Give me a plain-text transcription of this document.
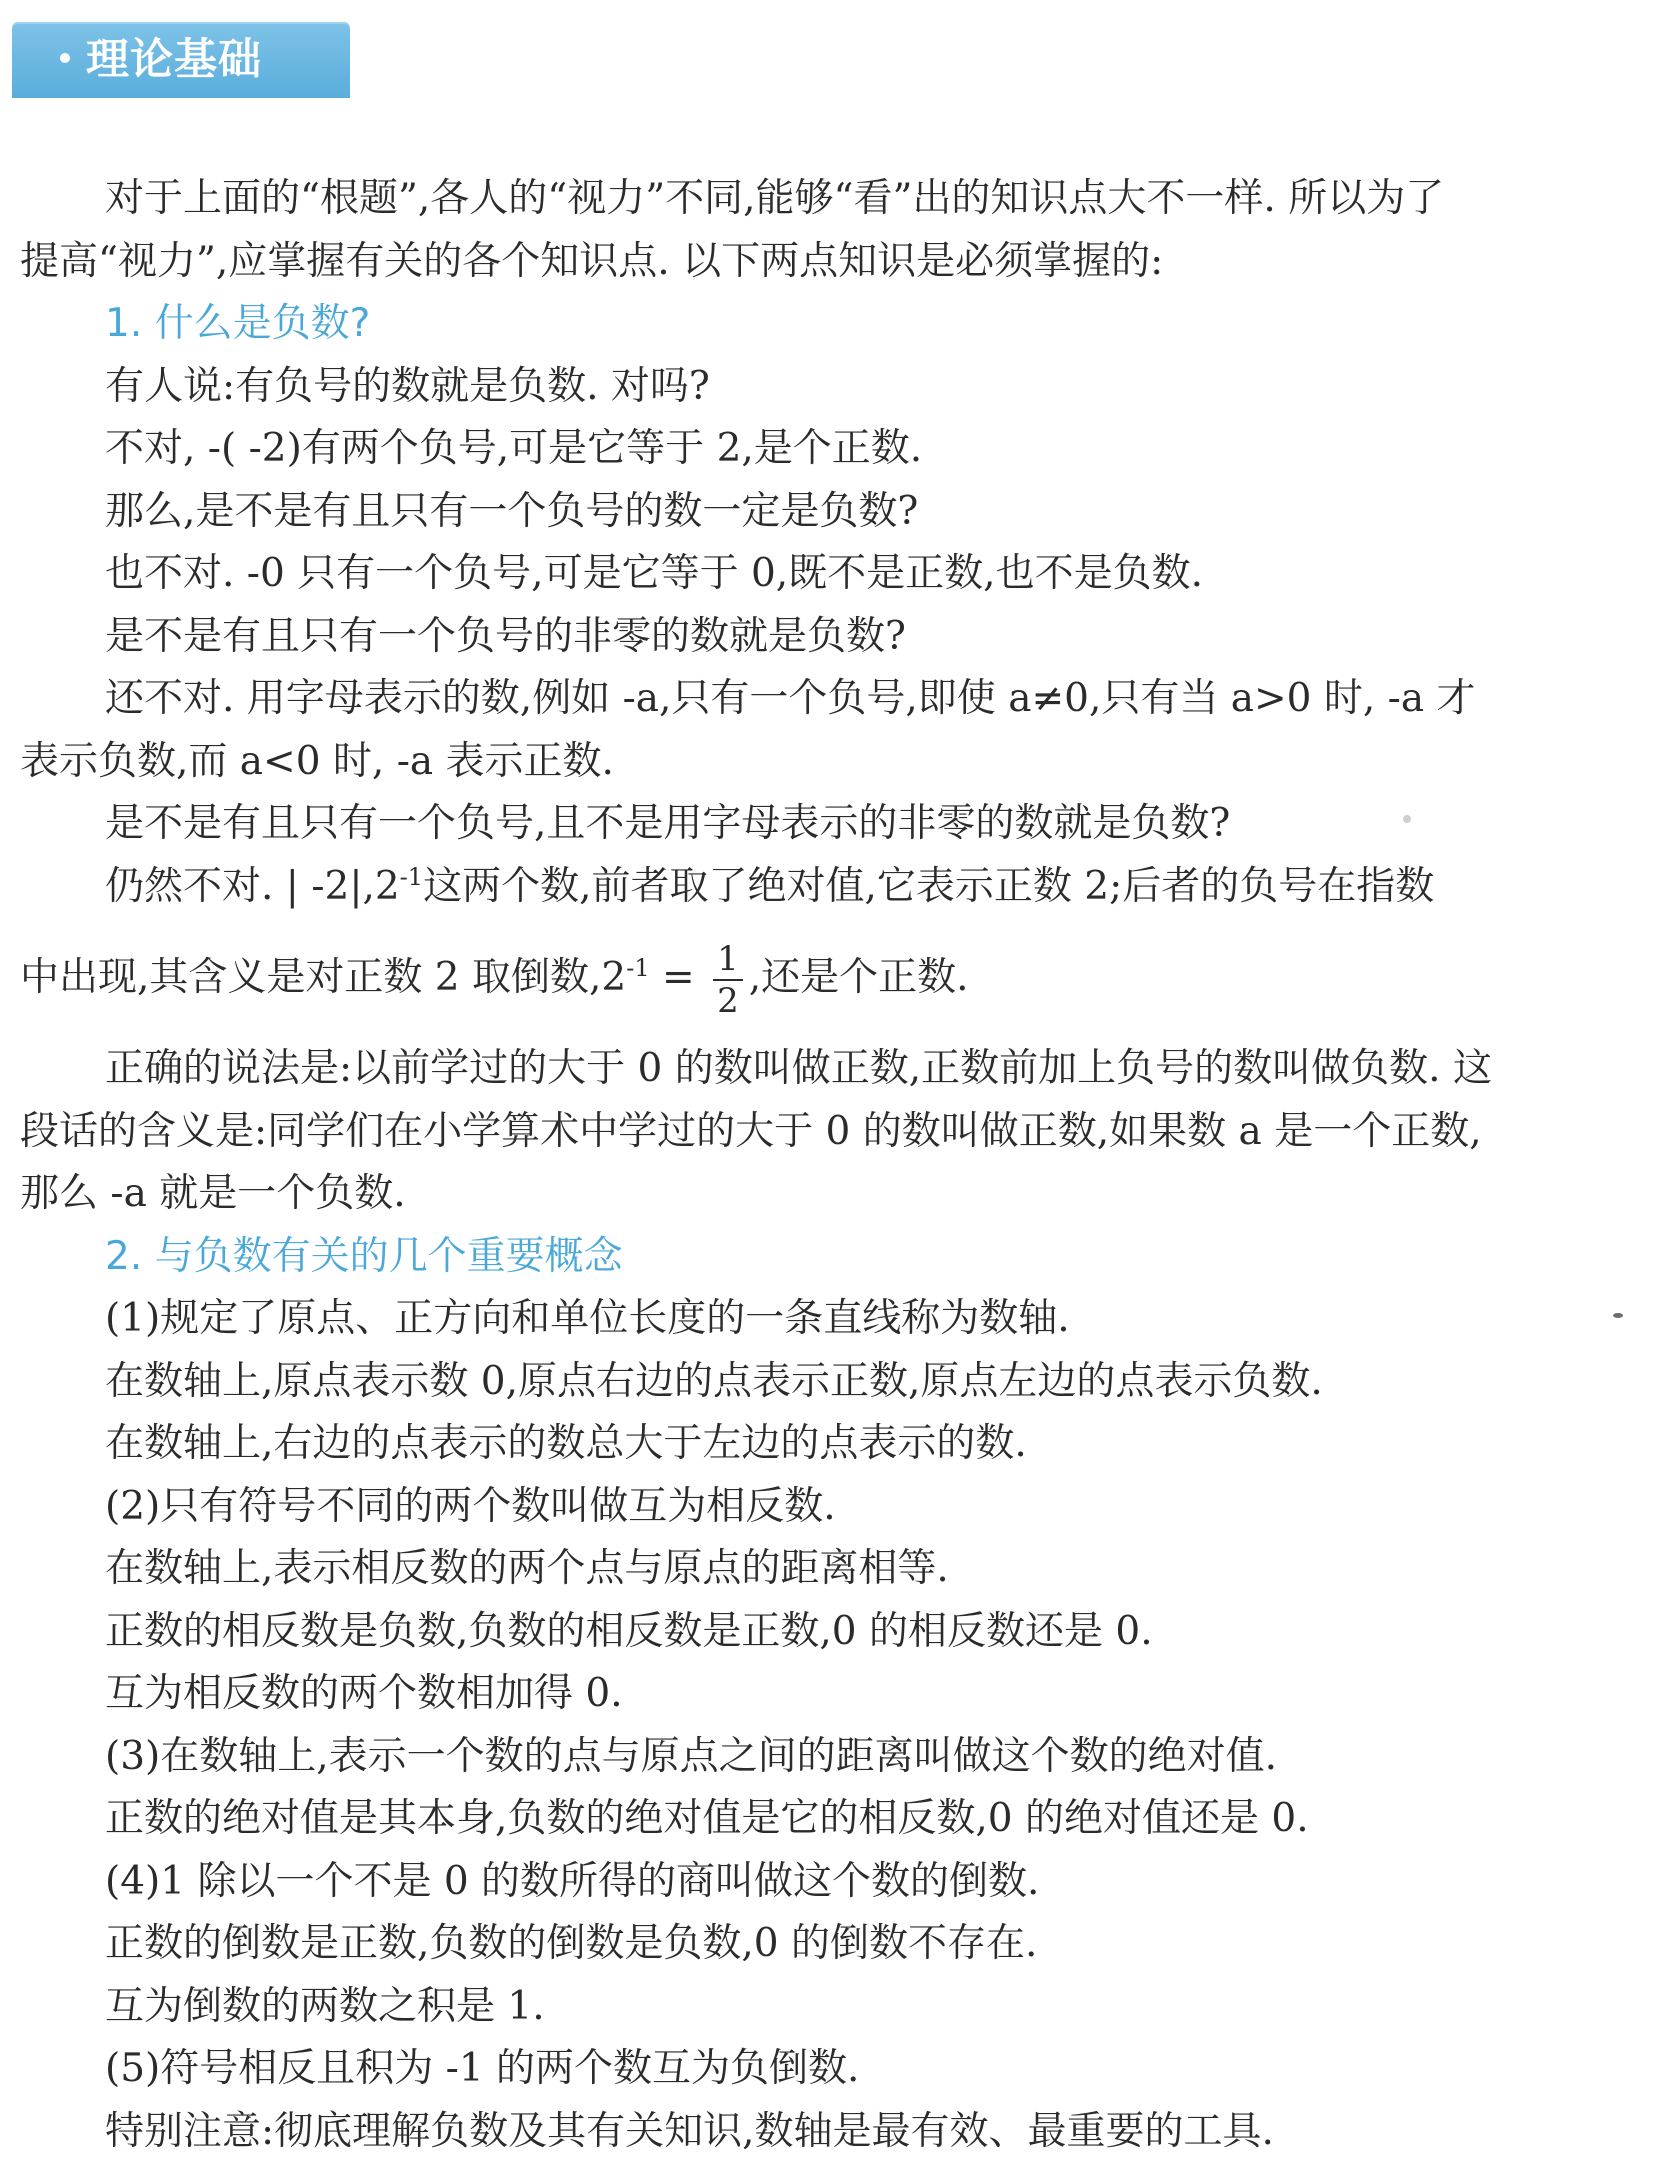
理论基础
对于上面的“根题”,各人的“视力”不同,能够“看”出的知识点大不一样. 所以为了
提高“视力”,应掌握有关的各个知识点. 以下两点知识是必须掌握的:
1. 什么是负数?
有人说:有负号的数就是负数. 对吗?
不对, -( -2)有两个负号,可是它等于 2,是个正数.
那么,是不是有且只有一个负号的数一定是负数?
也不对. -0 只有一个负号,可是它等于 0,既不是正数,也不是负数.
是不是有且只有一个负号的非零的数就是负数?
还不对. 用字母表示的数,例如 -a,只有一个负号,即使 a≠0,只有当 a>0 时, -a 才
表示负数,而 a<0 时, -a 表示正数.
是不是有且只有一个负号,且不是用字母表示的非零的数就是负数?
仍然不对. | $-2|,2^{-1}$这两个数,前者取了绝对值,它表示正数 2;后者的负号在指数
中出现,其含义是对正数 2 取倒数$,2^{-1} = \frac{1}{2}$ ,还是个正数.
正确的说法是:以前学过的大于 0 的数叫做正数,正数前加上负号的数叫做负数. 这
段话的含义是:同学们在小学算术中学过的大于 0 的数叫做正数,如果数 a 是一个正数,
那么 -a 就是一个负数.
2. 与负数有关的几个重要概念
(1)规定了原点、正方向和单位长度的一条直线称为数轴.
在数轴上,原点表示数 0,原点右边的点表示正数,原点左边的点表示负数.
在数轴上,右边的点表示的数总大于左边的点表示的数.
(2)只有符号不同的两个数叫做互为相反数.
在数轴上,表示相反数的两个点与原点的距离相等.
正数的相反数是负数,负数的相反数是正数,0 的相反数还是 0.
互为相反数的两个数相加得 0.
(3)在数轴上,表示一个数的点与原点之间的距离叫做这个数的绝对值.
正数的绝对值是其本身,负数的绝对值是它的相反数,0 的绝对值还是 0.
(4)1 除以一个不是 0 的数所得的商叫做这个数的倒数.
正数的倒数是正数,负数的倒数是负数,0 的倒数不存在.
互为倒数的两数之积是 1.
(5)符号相反且积为 -1 的两个数互为负倒数.
特别注意:彻底理解负数及其有关知识,数轴是最有效、最重要的工具.
